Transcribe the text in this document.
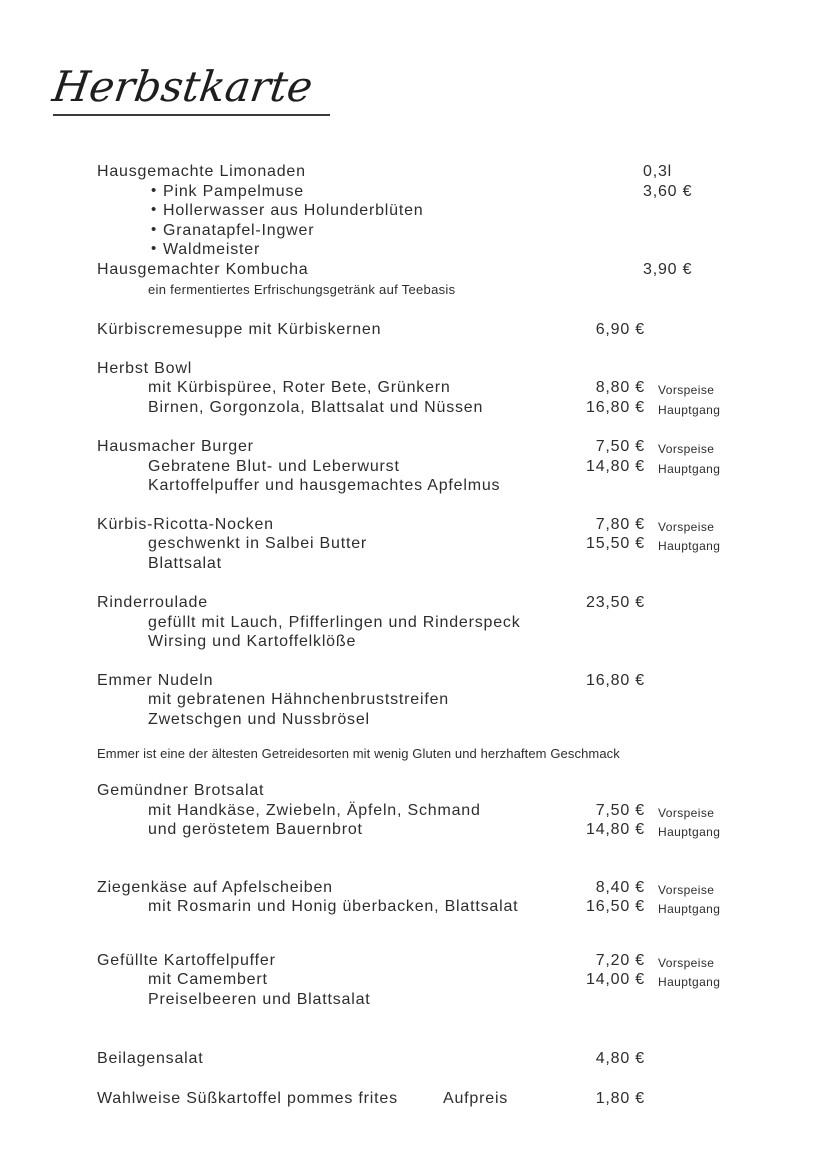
Herbstkarte
Hausgemachte Limonaden	0,3l
• Pink Pampelmuse	3,60 €
• Hollerwasser aus Holunderblüten
• Granatapfel-Ingwer
• Waldmeister
Hausgemachter Kombucha	3,90 €
ein fermentiertes Erfrischungsgetränk auf Teebasis
Kürbiscremesuppe mit Kürbiskernen	6,90 €
Herbst Bowl
mit Kürbispüree, Roter Bete, Grünkern	8,80 € Vorspeise
Birnen, Gorgonzola, Blattsalat und Nüssen	16,80 € Hauptgang
Hausmacher Burger	7,50 € Vorspeise
Gebratene Blut- und Leberwurst	14,80 € Hauptgang
Kartoffelpuffer und hausgemachtes Apfelmus
Kürbis-Ricotta-Nocken	7,80 € Vorspeise
geschwenkt in Salbei Butter	15,50 € Hauptgang
Blattsalat
Rinderroulade	23,50 €
gefüllt mit Lauch, Pfifferlingen und Rinderspeck
Wirsing und Kartoffelklöße
Emmer Nudeln	16,80 €
mit gebratenen Hähnchenbruststreifen
Zwetschgen und Nussbrösel
Emmer ist eine der ältesten Getreidesorten mit wenig Gluten und herzhaftem Geschmack
Gemündner Brotsalat
mit Handkäse, Zwiebeln, Äpfeln, Schmand	7,50 € Vorspeise
und geröstetem Bauernbrot	14,80 € Hauptgang
Ziegenkäse auf Apfelscheiben	8,40 € Vorspeise
mit Rosmarin und Honig überbacken, Blattsalat	16,50 € Hauptgang
Gefüllte Kartoffelpuffer	7,20 € Vorspeise
mit Camembert	14,00 € Hauptgang
Preiselbeeren und Blattsalat
Beilagensalat	4,80 €
Wahlweise Süßkartoffel pommes frites	Aufpreis	1,80 €
